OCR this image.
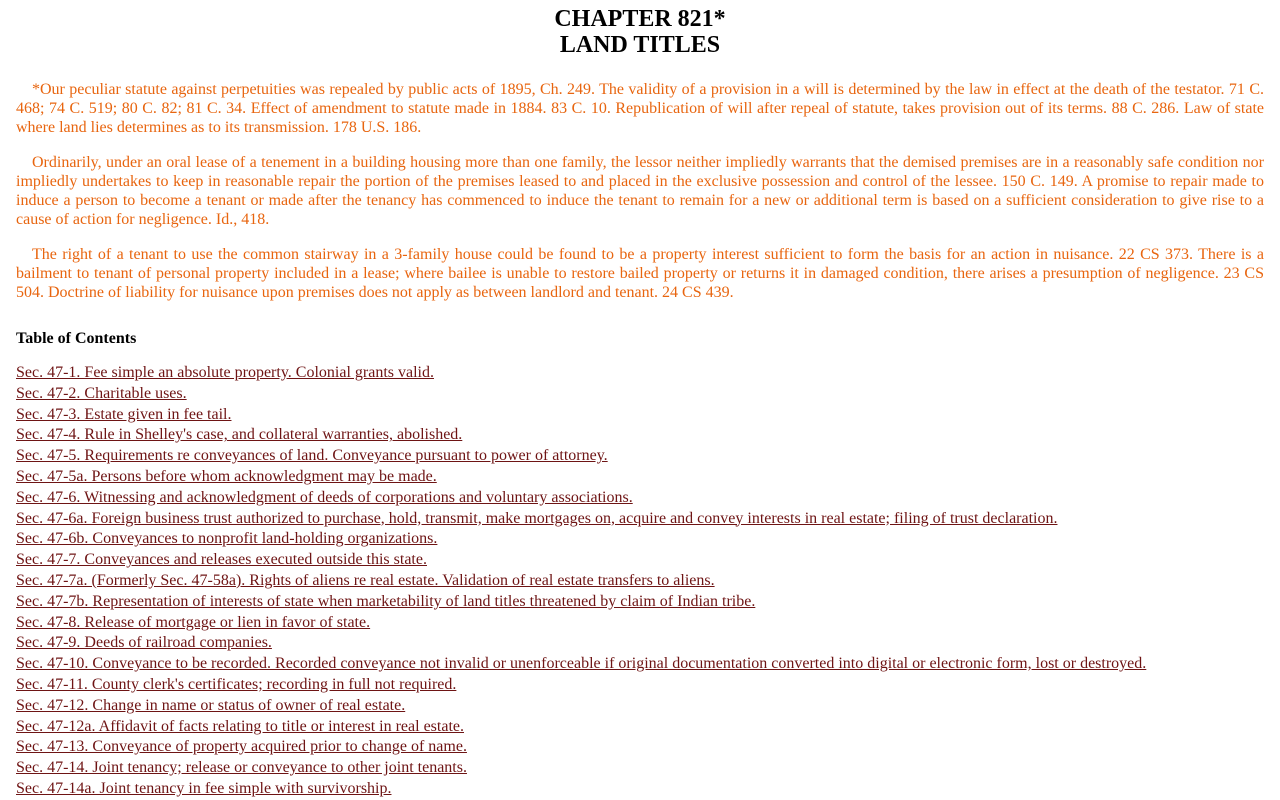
CHAPTER 821*
LAND TITLES

*Our peculiar statute against perpetuities was repealed by public acts of 1895, Ch. 249. The validity of a provision in a will is determined by the law in effect at the death of the testator. 71 C. 468; 74 C. 519; 80 C. 82; 81 C. 34. Effect of amendment to statute made in 1884. 83 C. 10. Republication of will after repeal of statute, takes provision out of its terms. 88 C. 286. Law of state where land lies determines as to its transmission. 178 U.S. 186.

Ordinarily, under an oral lease of a tenement in a building housing more than one family, the lessor neither impliedly warrants that the demised premises are in a reasonably safe condition nor impliedly undertakes to keep in reasonable repair the portion of the premises leased to and placed in the exclusive possession and control of the lessee. 150 C. 149. A promise to repair made to induce a person to become a tenant or made after the tenancy has commenced to induce the tenant to remain for a new or additional term is based on a sufficient consideration to give rise to a cause of action for negligence. Id., 418.

The right of a tenant to use the common stairway in a 3-family house could be found to be a property interest sufficient to form the basis for an action in nuisance. 22 CS 373. There is a bailment to tenant of personal property included in a lease; where bailee is unable to restore bailed property or returns it in damaged condition, there arises a presumption of negligence. 23 CS 504. Doctrine of liability for nuisance upon premises does not apply as between landlord and tenant. 24 CS 439.

Table of Contents
Sec. 47-1. Fee simple an absolute property. Colonial grants valid.
Sec. 47-2. Charitable uses.
Sec. 47-3. Estate given in fee tail.
Sec. 47-4. Rule in Shelley's case, and collateral warranties, abolished.
Sec. 47-5. Requirements re conveyances of land. Conveyance pursuant to power of attorney.
Sec. 47-5a. Persons before whom acknowledgment may be made.
Sec. 47-6. Witnessing and acknowledgment of deeds of corporations and voluntary associations.
Sec. 47-6a. Foreign business trust authorized to purchase, hold, transmit, make mortgages on, acquire and convey interests in real estate; filing of trust declaration.
Sec. 47-6b. Conveyances to nonprofit land-holding organizations.
Sec. 47-7. Conveyances and releases executed outside this state.
Sec. 47-7a. (Formerly Sec. 47-58a). Rights of aliens re real estate. Validation of real estate transfers to aliens.
Sec. 47-7b. Representation of interests of state when marketability of land titles threatened by claim of Indian tribe.
Sec. 47-8. Release of mortgage or lien in favor of state.
Sec. 47-9. Deeds of railroad companies.
Sec. 47-10. Conveyance to be recorded. Recorded conveyance not invalid or unenforceable if original documentation converted into digital or electronic form, lost or destroyed.
Sec. 47-11. County clerk's certificates; recording in full not required.
Sec. 47-12. Change in name or status of owner of real estate.
Sec. 47-12a. Affidavit of facts relating to title or interest in real estate.
Sec. 47-13. Conveyance of property acquired prior to change of name.
Sec. 47-14. Joint tenancy; release or conveyance to other joint tenants.
Sec. 47-14a. Joint tenancy in fee simple with survivorship.
